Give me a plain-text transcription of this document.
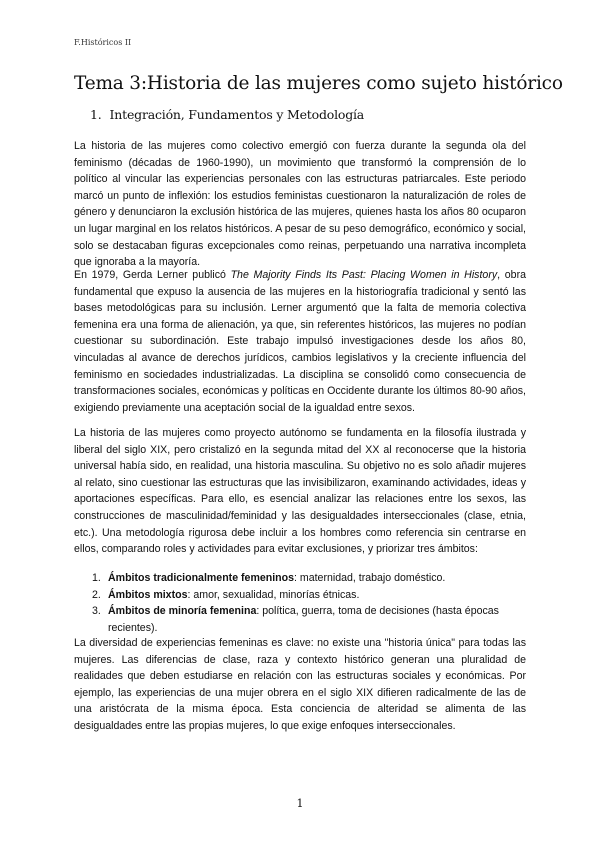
F.Históricos II
Tema 3:Historia de las mujeres como sujeto histórico
1. Integración, Fundamentos y Metodología

La historia de las mujeres como colectivo emergió con fuerza durante la segunda ola del feminismo (décadas de 1960-1990), un movimiento que transformó la comprensión de lo político al vincular las experiencias personales con las estructuras patriarcales. Este periodo marcó un punto de inflexión: los estudios feministas cuestionaron la naturalización de roles de género y denunciaron la exclusión histórica de las mujeres, quienes hasta los años 80 ocuparon un lugar marginal en los relatos históricos. A pesar de su peso demográfico, económico y social, solo se destacaban figuras excepcionales como reinas, perpetuando una narrativa incompleta que ignoraba a la mayoría.

En 1979, Gerda Lerner publicó The Majority Finds Its Past: Placing Women in History, obra fundamental que expuso la ausencia de las mujeres en la historiografía tradicional y sentó las bases metodológicas para su inclusión. Lerner argumentó que la falta de memoria colectiva femenina era una forma de alienación, ya que, sin referentes históricos, las mujeres no podían cuestionar su subordinación. Este trabajo impulsó investigaciones desde los años 80, vinculadas al avance de derechos jurídicos, cambios legislativos y la creciente influencia del feminismo en sociedades industrializadas. La disciplina se consolidó como consecuencia de transformaciones sociales, económicas y políticas en Occidente durante los últimos 80-90 años, exigiendo previamente una aceptación social de la igualdad entre sexos.

La historia de las mujeres como proyecto autónomo se fundamenta en la filosofía ilustrada y liberal del siglo XIX, pero cristalizó en la segunda mitad del XX al reconocerse que la historia universal había sido, en realidad, una historia masculina. Su objetivo no es solo añadir mujeres al relato, sino cuestionar las estructuras que las invisibilizaron, examinando actividades, ideas y aportaciones específicas. Para ello, es esencial analizar las relaciones entre los sexos, las construcciones de masculinidad/feminidad y las desigualdades interseccionales (clase, etnia, etc.). Una metodología rigurosa debe incluir a los hombres como referencia sin centrarse en ellos, comparando roles y actividades para evitar exclusiones, y priorizar tres ámbitos:

1. Ámbitos tradicionalmente femeninos: maternidad, trabajo doméstico.
2. Ámbitos mixtos: amor, sexualidad, minorías étnicas.
3. Ámbitos de minoría femenina: política, guerra, toma de decisiones (hasta épocas recientes).

La diversidad de experiencias femeninas es clave: no existe una "historia única" para todas las mujeres. Las diferencias de clase, raza y contexto histórico generan una pluralidad de realidades que deben estudiarse en relación con las estructuras sociales y económicas. Por ejemplo, las experiencias de una mujer obrera en el siglo XIX difieren radicalmente de las de una aristócrata de la misma época. Esta conciencia de alteridad se alimenta de las desigualdades entre las propias mujeres, lo que exige enfoques interseccionales.

1
